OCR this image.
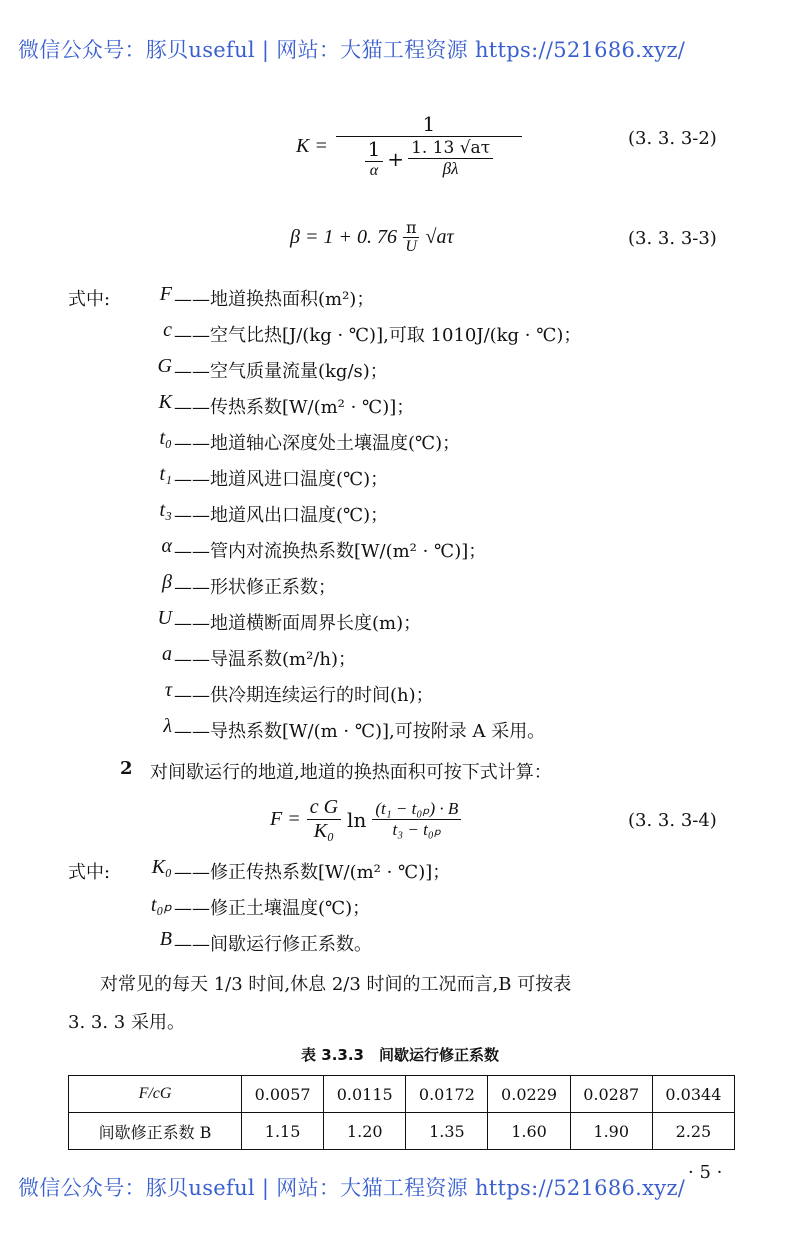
微信公众号：豚贝useful | 网站：大猫工程资源 https://521686.xyz/
$K = \frac{1}{\frac{1}{\alpha} + \frac{1. 13 √a\tau}{\beta\lambda}}$	(3. 3. 3-2)
β = 1 + 0. $76 \frac{\pi}{U} √a\tau$	(3. 3. 3-3)
式中:	F ——地道换热面积(m²)；
c ——空气比热[J/(kg · ℃)],可取 1010J/(kg · ℃)；
G ——空气质量流量(kg/s)；
K ——传热系数[W/(m² · ℃)]；
t₀ ——地道轴心深度处土壤温度(℃)；
t₁ ——地道风进口温度(℃)；
t₃ ——地道风出口温度(℃)；
α ——管内对流换热系数[W/(m² · ℃)]；
β ——形状修正系数；
U ——地道横断面周界长度(m)；
a ——导温系数(m²/h)；
τ ——供冷期连续运行的时间(h)；
λ ——导热系数[W/(m · ℃)],可按附录 A 采用。
2 对间歇运行的地道,地道的换热面积可按下式计算：
$F = \frac{\text{c G}}{\text{K₀}}$ $\ln \frac{\text{(t₁ − t₀ₚ) · B}}{\text{t₃ − t₀ₚ}}$	(3. 3. 3-4)
式中:	K₀ ——修正传热系数[W/(m² · ℃)]；
t₀ₚ ——修正土壤温度(℃)；
B ——间歇运行修正系数。
对常见的每天 1/3 时间,休息 2/3 时间的工况而言,B 可按表
3. 3. 3 采用。
表 3.3.3　间歇运行修正系数
F/cG	0.0057	0.0115	0.0172	0.0229	0.0287	0.0344
间歇修正系数 B	1.15	1.20	1.35	1.60	1.90	2.25
· 5 ·
微信公众号：豚贝useful | 网站：大猫工程资源 https://521686.xyz/
